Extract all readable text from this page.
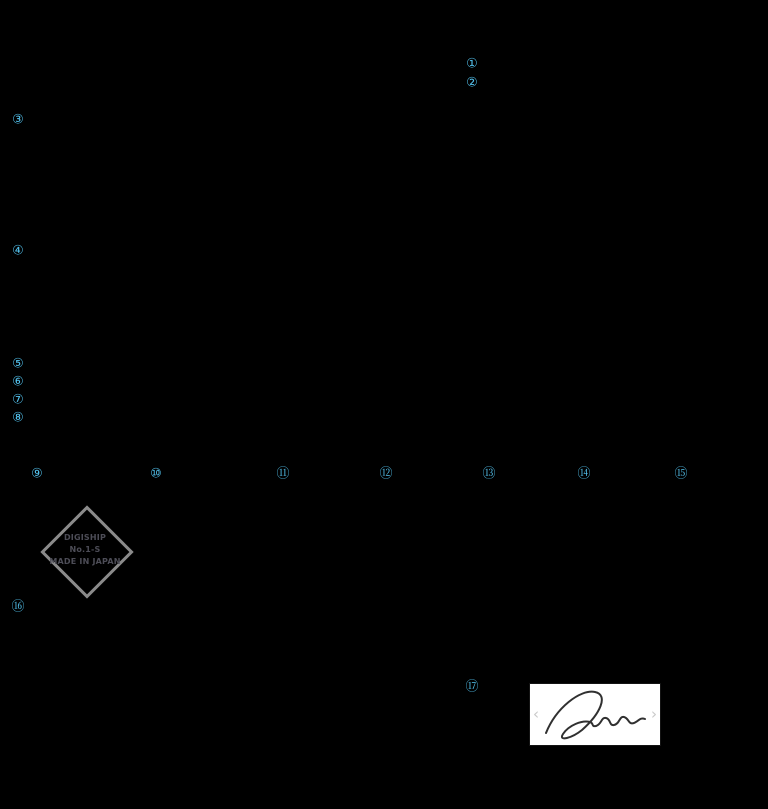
①
②
③
④
⑤
⑥
⑦
⑧
⑨	⑩	⑪	⑫	⑬	⑭	⑮
⑯
⑰
DIGISHIP
No.1-S
MADE IN JAPAN
‹	›
